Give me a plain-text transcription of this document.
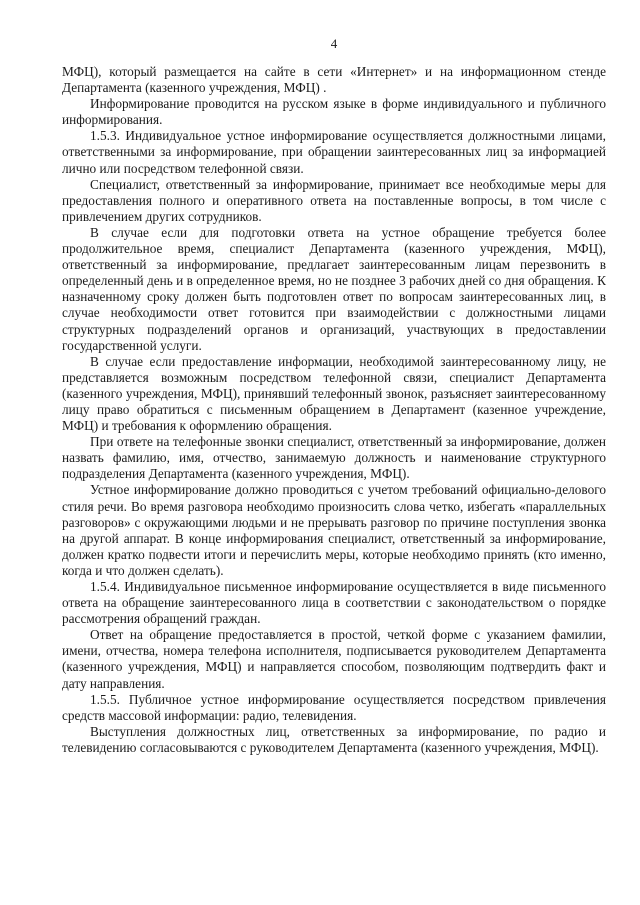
4

МФЦ), который размещается на сайте в сети «Интернет» и на информационном стенде Департамента (казенного учреждения, МФЦ) .

Информирование проводится на русском языке в форме индивидуального и публичного информирования.

1.5.3. Индивидуальное устное информирование осуществляется должностными лицами, ответственными за информирование, при обращении заинтересованных лиц за информацией лично или посредством телефонной связи.

Специалист, ответственный за информирование, принимает все необходимые меры для предоставления полного и оперативного ответа на поставленные вопросы, в том числе с привлечением других сотрудников.

В случае если для подготовки ответа на устное обращение требуется более продолжительное время, специалист Департамента (казенного учреждения, МФЦ), ответственный за информирование, предлагает заинтересованным лицам перезвонить в определенный день и в определенное время, но не позднее 3 рабочих дней со дня обращения. К назначенному сроку должен быть подготовлен ответ по вопросам заинтересованных лиц, в случае необходимости ответ готовится при взаимодействии с должностными лицами структурных подразделений органов и организаций, участвующих в предоставлении государственной услуги.

В случае если предоставление информации, необходимой заинтересованному лицу, не представляется возможным посредством телефонной связи, специалист Департамента (казенного учреждения, МФЦ), принявший телефонный звонок, разъясняет заинтересованному лицу право обратиться с письменным обращением в Департамент (казенное учреждение, МФЦ) и требования к оформлению обращения.

При ответе на телефонные звонки специалист, ответственный за информирование, должен назвать фамилию, имя, отчество, занимаемую должность и наименование структурного подразделения Департамента (казенного учреждения, МФЦ).

Устное информирование должно проводиться с учетом требований официально-делового стиля речи. Во время разговора необходимо произносить слова четко, избегать «параллельных разговоров» с окружающими людьми и не прерывать разговор по причине поступления звонка на другой аппарат. В конце информирования специалист, ответственный за информирование, должен кратко подвести итоги и перечислить меры, которые необходимо принять (кто именно, когда и что должен сделать).

1.5.4. Индивидуальное письменное информирование осуществляется в виде письменного ответа на обращение заинтересованного лица в соответствии с законодательством о порядке рассмотрения обращений граждан.

Ответ на обращение предоставляется в простой, четкой форме с указанием фамилии, имени, отчества, номера телефона исполнителя, подписывается руководителем Департамента (казенного учреждения, МФЦ) и направляется способом, позволяющим подтвердить факт и дату направления.

1.5.5. Публичное устное информирование осуществляется посредством привлечения средств массовой информации: радио, телевидения.

Выступления должностных лиц, ответственных за информирование, по радио и телевидению согласовываются с руководителем Департамента (казенного учреждения, МФЦ).
